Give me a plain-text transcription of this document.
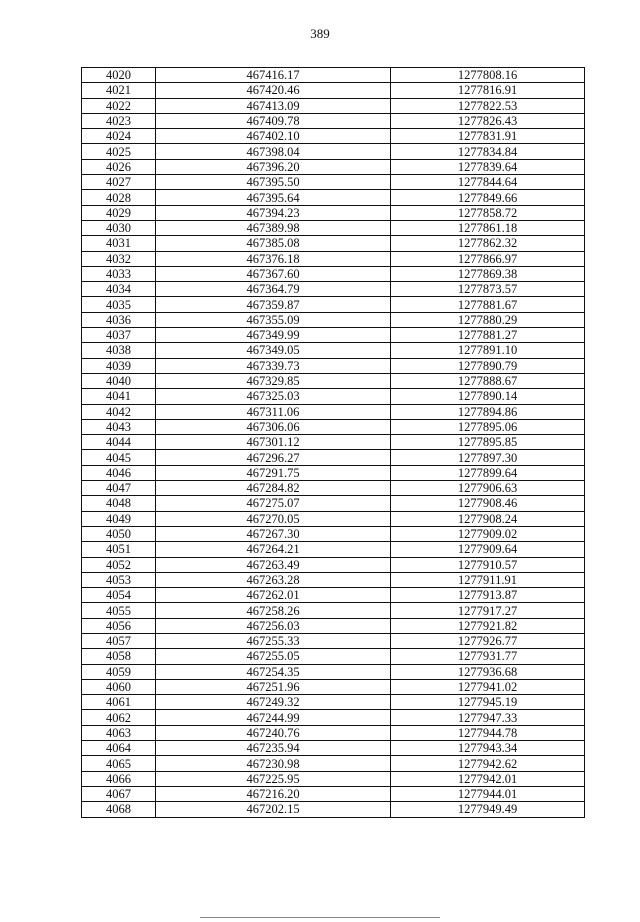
389
4020	467416.17	1277808.16
4021	467420.46	1277816.91
4022	467413.09	1277822.53
4023	467409.78	1277826.43
4024	467402.10	1277831.91
4025	467398.04	1277834.84
4026	467396.20	1277839.64
4027	467395.50	1277844.64
4028	467395.64	1277849.66
4029	467394.23	1277858.72
4030	467389.98	1277861.18
4031	467385.08	1277862.32
4032	467376.18	1277866.97
4033	467367.60	1277869.38
4034	467364.79	1277873.57
4035	467359.87	1277881.67
4036	467355.09	1277880.29
4037	467349.99	1277881.27
4038	467349.05	1277891.10
4039	467339.73	1277890.79
4040	467329.85	1277888.67
4041	467325.03	1277890.14
4042	467311.06	1277894.86
4043	467306.06	1277895.06
4044	467301.12	1277895.85
4045	467296.27	1277897.30
4046	467291.75	1277899.64
4047	467284.82	1277906.63
4048	467275.07	1277908.46
4049	467270.05	1277908.24
4050	467267.30	1277909.02
4051	467264.21	1277909.64
4052	467263.49	1277910.57
4053	467263.28	1277911.91
4054	467262.01	1277913.87
4055	467258.26	1277917.27
4056	467256.03	1277921.82
4057	467255.33	1277926.77
4058	467255.05	1277931.77
4059	467254.35	1277936.68
4060	467251.96	1277941.02
4061	467249.32	1277945.19
4062	467244.99	1277947.33
4063	467240.76	1277944.78
4064	467235.94	1277943.34
4065	467230.98	1277942.62
4066	467225.95	1277942.01
4067	467216.20	1277944.01
4068	467202.15	1277949.49
